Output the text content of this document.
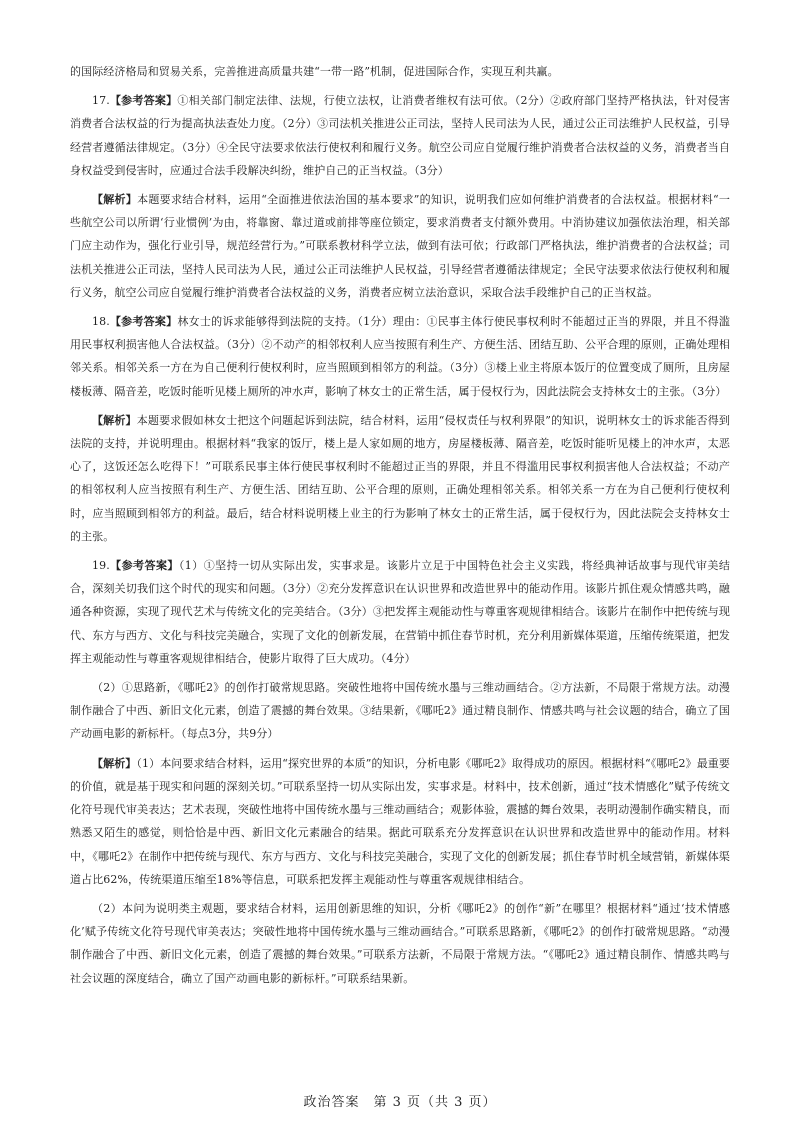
的国际经济格局和贸易关系，完善推进高质量共建“一带一路”机制，促进国际合作，实现互利共赢。

17.【参考答案】①相关部门制定法律、法规，行使立法权，让消费者维权有法可依。（2分）②政府部门坚持严格执法，针对侵害消费者合法权益的行为提高执法查处力度。（2分）③司法机关推进公正司法，坚持人民司法为人民，通过公正司法维护人民权益，引导经营者遵循法律规定。（3分）④全民守法要求依法行使权利和履行义务。航空公司应自觉履行维护消费者合法权益的义务，消费者当自身权益受到侵害时，应通过合法手段解决纠纷，维护自己的正当权益。（3分）

【解析】本题要求结合材料，运用“全面推进依法治国的基本要求”的知识，说明我们应如何维护消费者的合法权益。根据材料“一些航空公司以所谓‘行业惯例’为由，将靠窗、靠过道或前排等座位锁定，要求消费者支付额外费用。中消协建议加强依法治理，相关部门应主动作为，强化行业引导，规范经营行为。”可联系教材科学立法，做到有法可依；行政部门严格执法，维护消费者的合法权益；司法机关推进公正司法，坚持人民司法为人民，通过公正司法维护人民权益，引导经营者遵循法律规定；全民守法要求依法行使权利和履行义务，航空公司应自觉履行维护消费者合法权益的义务，消费者应树立法治意识，采取合法手段维护自己的正当权益。

18.【参考答案】林女士的诉求能够得到法院的支持。（1分）理由：①民事主体行使民事权利时不能超过正当的界限，并且不得滥用民事权利损害他人合法权益。（3分）②不动产的相邻权利人应当按照有利生产、方便生活、团结互助、公平合理的原则，正确处理相邻关系。相邻关系一方在为自己便利行使权利时，应当照顾到相邻方的利益。（3分）③楼上业主将原本饭厅的位置变成了厕所，且房屋楼板薄、隔音差，吃饭时能听见楼上厕所的冲水声，影响了林女士的正常生活，属于侵权行为，因此法院会支持林女士的主张。（3分）

【解析】本题要求假如林女士把这个问题起诉到法院，结合材料，运用“侵权责任与权利界限”的知识，说明林女士的诉求能否得到法院的支持，并说明理由。根据材料“我家的饭厅，楼上是人家如厕的地方，房屋楼板薄、隔音差，吃饭时能听见楼上的冲水声，太恶心了，这饭还怎么吃得下！”可联系民事主体行使民事权利时不能超过正当的界限，并且不得滥用民事权利损害他人合法权益；不动产的相邻权利人应当按照有利生产、方便生活、团结互助、公平合理的原则，正确处理相邻关系。相邻关系一方在为自己便利行使权利时，应当照顾到相邻方的利益。最后，结合材料说明楼上业主的行为影响了林女士的正常生活，属于侵权行为，因此法院会支持林女士的主张。

19.【参考答案】（1）①坚持一切从实际出发，实事求是。该影片立足于中国特色社会主义实践，将经典神话故事与现代审美结合，深刻关切我们这个时代的现实和问题。（3分）②充分发挥意识在认识世界和改造世界中的能动作用。该影片抓住观众情感共鸣，融通各种资源，实现了现代艺术与传统文化的完美结合。（3分）③把发挥主观能动性与尊重客观规律相结合。该影片在制作中把传统与现代、东方与西方、文化与科技完美融合，实现了文化的创新发展，在营销中抓住春节时机，充分利用新媒体渠道，压缩传统渠道，把发挥主观能动性与尊重客观规律相结合，使影片取得了巨大成功。（4分）

（2）①思路新，《哪吒2》的创作打破常规思路。突破性地将中国传统水墨与三维动画结合。②方法新，不局限于常规方法。动漫制作融合了中西、新旧文化元素，创造了震撼的舞台效果。③结果新，《哪吒2》通过精良制作、情感共鸣与社会议题的结合，确立了国产动画电影的新标杆。（每点3分，共9分）

【解析】（1）本问要求结合材料，运用“探究世界的本质”的知识，分析电影《哪吒2》取得成功的原因。根据材料“《哪吒2》最重要的价值，就是基于现实和问题的深刻关切。”可联系坚持一切从实际出发，实事求是。材料中，技术创新，通过“技术情感化”赋予传统文化符号现代审美表达；艺术表现，突破性地将中国传统水墨与三维动画结合；观影体验，震撼的舞台效果，表明动漫制作确实精良，而熟悉又陌生的感觉，则恰恰是中西、新旧文化元素融合的结果。据此可联系充分发挥意识在认识世界和改造世界中的能动作用。材料中，《哪吒2》在制作中把传统与现代、东方与西方、文化与科技完美融合，实现了文化的创新发展；抓住春节时机全域营销，新媒体渠道占比62%，传统渠道压缩至18%等信息，可联系把发挥主观能动性与尊重客观规律相结合。

（2）本问为说明类主观题，要求结合材料，运用创新思维的知识，分析《哪吒2》的创作“新”在哪里？根据材料“通过‘技术情感化’赋予传统文化符号现代审美表达；突破性地将中国传统水墨与三维动画结合。”可联系思路新，《哪吒2》的创作打破常规思路。“动漫制作融合了中西、新旧文化元素，创造了震撼的舞台效果。”可联系方法新，不局限于常规方法。“《哪吒2》通过精良制作、情感共鸣与社会议题的深度结合，确立了国产动画电影的新标杆。”可联系结果新。

政治答案　第 3 页（共 3 页）
